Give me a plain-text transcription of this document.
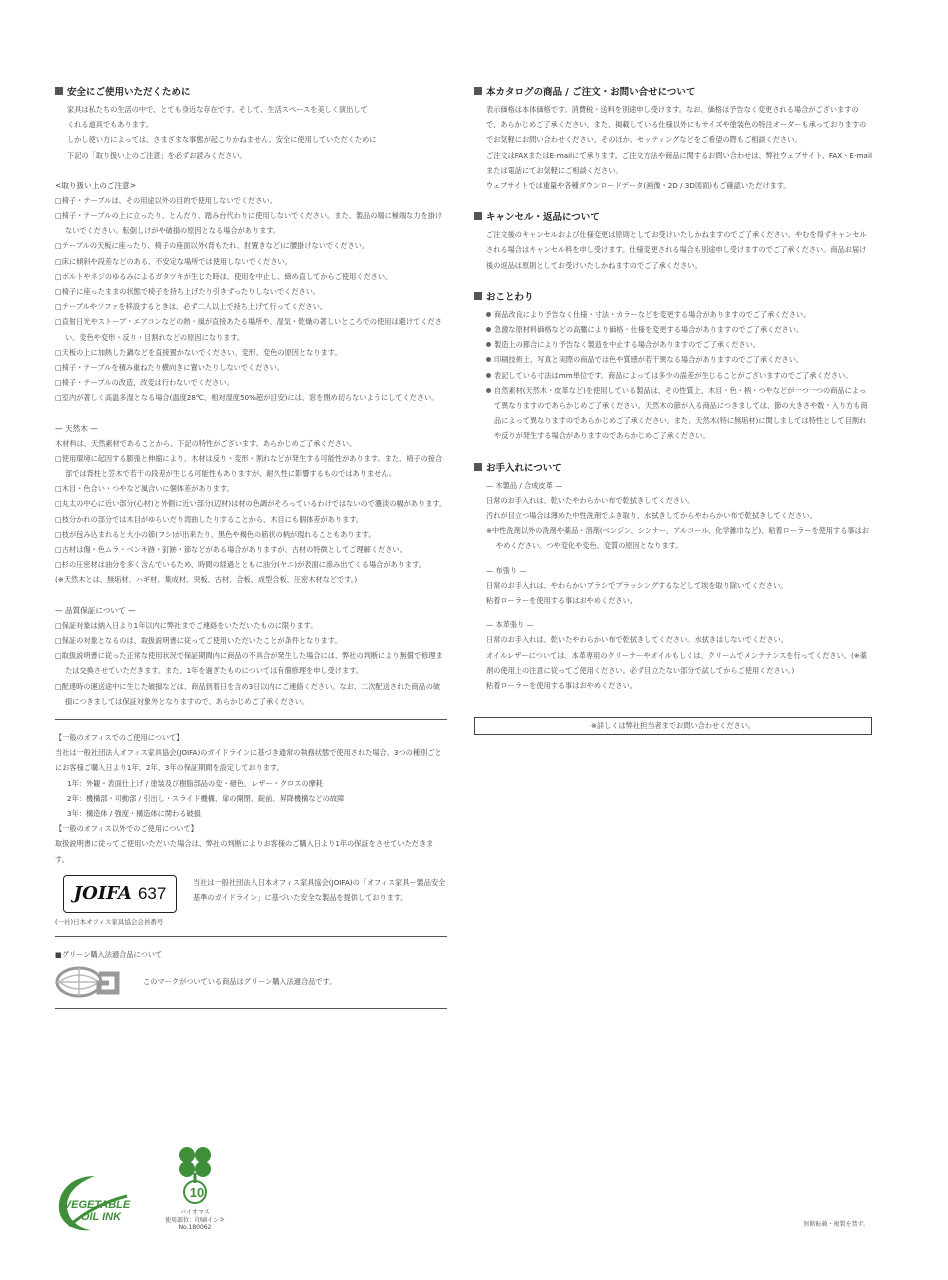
安全にご使用いただくために

家具は私たちの生活の中で、とても身近な存在です。そして、生活スペースを美しく演出して

くれる道具でもあります。

しかし使い方によっては、さまざまな事態が起こりかねません。安全に使用していただくために

下記の「取り扱い上のご注意」を必ずお読みください。

<取り扱い上のご注意>

□椅子・テーブルは、その用途以外の目的で使用しないでください。

□椅子・テーブルの上に立ったり、とんだり、踏み台代わりに使用しないでください。また、製品の端に極端な力を掛けないでください。転倒しけがや破損の原因となる場合があります。

□テーブルの天板に座ったり、椅子の座面以外(背もたれ、肘置きなど)に腰掛けないでください。

□床に傾斜や段差などのある、不安定な場所では使用しないでください。

□ボルトやネジのゆるみによるガタツキが生じた時は、使用を中止し、締め直してからご使用ください。

□椅子に座ったままの状態で椅子を持ち上げたり引きずったりしないでください。

□テーブルやソファを移設するときは、必ず二人以上で持ち上げて行ってください。

□直射日光やストーブ・エアコンなどの熱・風が直接あたる場所や、湿気・乾燥の著しいところでの使用は避けてください。変色や変形・反り・目割れなどの原因になります。

□天板の上に加熱した鍋などを直接置かないでください。変形、変色の原因となります。

□椅子・テーブルを積み重ねたり横向きに置いたりしないでください。

□椅子・テーブルの改造、改変は行わないでください。

□室内が著しく高温多湿となる場合(温度28℃、相対湿度50%超が目安)には、窓を閉め切らないようにしてください。

— 天然木 —

木材料は、天然素材であることから、下記の特性がございます。あらかじめご了承ください。

□使用環境に起因する膨張と伸縮により、木材は反り・変形・割れなどが発生する可能性があります。また、椅子の接合部では背柱と笠木で若干の段差が生じる可能性もありますが、耐久性に影響するものではありません。

□木目・色合い・つやなど風合いに個体差があります。

□丸太の中心に近い部分(心材)と外側に近い部分(辺材)は材の色調がそろっているわけではないので濃淡の幅があります。

□枝分かれの部分では木目がゆらいだり湾曲したりすることから、木目にも個体差があります。

□枝が包み込まれると大小の節(フシ)が出来たり、黒色や褐色の筋状の柄が現れることもあります。

□古材は傷・色ムラ・ベンキ跡・釘跡・節などがある場合がありますが、古材の特徴としてご理解ください。

□杉の圧密材は油分を多く含んでいるため、時間の経過とともに油分(ヤニ)が表面に滲み出てくる場合があります。

(※天然木とは、無垢材、ハギ材、集成材、突板、古材、合板、成型合板、圧密木材などです。)

— 品質保証について —

□保証対象は納入日より1年以内に弊社までご連絡をいただいたものに限ります。

□保証の対象となるのは、取扱説明書に従ってご使用いただいたことが条件となります。

□取扱説明書に従った正常な使用状況で保証期間内に商品の不具合が発生した場合には、弊社の判断により無償で修理または交換させていただきます。また、1年を過ぎたものについては有償修理を申し受けます。

□配達時の運送途中に生じた破損などは、商品到着日を含め3日以内にご連絡ください。なお、二次配送された商品の破損につきましては保証対象外となりますので、あらかじめご了承ください。

【一般のオフィスでのご使用について】

当社は一般社団法人オフィス家具協会(JOIFA)のガイドラインに基づき通常の執務状態で使用された場合、3つの種別ごとにお客様ご購入日より1年、2年、3年の保証期間を設定しております。

1年：外観・表面仕上げ / 塗装及び樹脂部品の変・褪色、レザー・クロスの摩耗

2年：機構部・可動部 / 引出し・スライド機構、扉の開閉、錠前、昇降機構などの故障

3年：構造体 / 強度・構造体に関わる破損

【一般のオフィス以外でのご使用について】

取扱説明書に従ってご使用いただいた場合は、弊社の判断によりお客様のご購入日より1年の保証をさせていただきます。

JOIFA 637
(一社)日本オフィス家具協会会員番号

当社は一般社団法人日本オフィス家具協会(JOIFA)の「オフィス家具ー製品安全基準のガイドライン」に基づいた安全な製品を提供しております。

■グリーン購入法適合品について

このマークがついている商品はグリーン購入法適合品です。
本カタログの商品 / ご注文・お問い合せについて

表示価格は本体価格です。消費税・送料を別途申し受けます。なお、価格は予告なく変更される場合がございますので、あらかじめご了承ください。また、掲載している仕様以外にもサイズや塗装色の特注オーダーも承っておりますのでお気軽にお問い合わせください。そのほか、セッティングなどをご希望の際もご相談ください。

ご注文はFAXまたはE-mailにて承ります。ご注文方法や商品に関するお問い合わせは、弊社ウェブサイト、FAX・E-mailまたは電話にてお気軽にご相談ください。

ウェブサイトでは重量や各種ダウンロードデータ(画像・2D / 3D図面)もご確認いただけます。

キャンセル・返品について

ご注文後のキャンセルおよび仕様変更は原則としてお受けいたしかねますのでご了承ください。やむを得ずキャンセルされる場合はキャンセル料を申し受けます。仕様変更される場合も別途申し受けますのでご了承ください。商品お届け後の返品は原則としてお受けいたしかねますのでご了承ください。

おことわり

商品改良により予告なく仕様・寸法・カラーなどを変更する場合がありますのでご了承ください。

急激な原材料価格などの高騰により価格・仕様を変更する場合がありますのでご了承ください。

製造上の都合により予告なく製造を中止する場合がありますのでご了承ください。

印刷技術上、写真と実際の商品では色や質感が若干異なる場合がありますのでご了承ください。

表記している寸法はmm単位です。商品によっては多少の誤差が生じることがございますのでご了承ください。

自然素材(天然木・皮革など)を使用している製品は、その性質上、木目・色・柄・つやなどが一つ一つの商品によって異なりますのであらかじめご了承ください。天然木の節が入る商品につきましては、節の大きさや数・入り方も商品によって異なりますのであらかじめご了承ください。また、天然木(特に無垢材)に関しましては特性として目割れや反りが発生する場合がありますのであらかじめご了承ください。

お手入れについて

— 木製品 / 合成皮革 —

日常のお手入れは、乾いたやわらかい布で乾拭きしてください。

汚れが目立つ場合は薄めた中性洗剤でふき取り、水拭きしてからやわらかい布で乾拭きしてください。

※中性洗剤以外の洗剤や薬品・溶剤(ベンジン、シンナー、アルコール、化学雑巾など)、粘着ローラーを使用する事はおやめください。つや変化や変色、変質の原因となります。

— 布張り —

日常のお手入れは、やわらかいブラシでブラッシングするなどして埃を取り除いてください。

粘着ローラーを使用する事はおやめください。

— 本革張り —

日常のお手入れは、乾いたやわらかい布で乾拭きしてください。水拭きはしないでください。

オイルレザーについては、本革専用のクリーナーやオイルもしくは、クリームでメンテナンスを行ってください。(※薬剤の使用上の注意に従ってご使用ください。必ず目立たない部分で試してからご使用ください。)

粘着ローラーを使用する事はおやめください。

※詳しくは弊社担当者までお問い合わせください。
VEGETABLE
OIL INK
10
バイオマス
使用部位：印刷インキ
No.180062	無断転載・複製を禁ず。
